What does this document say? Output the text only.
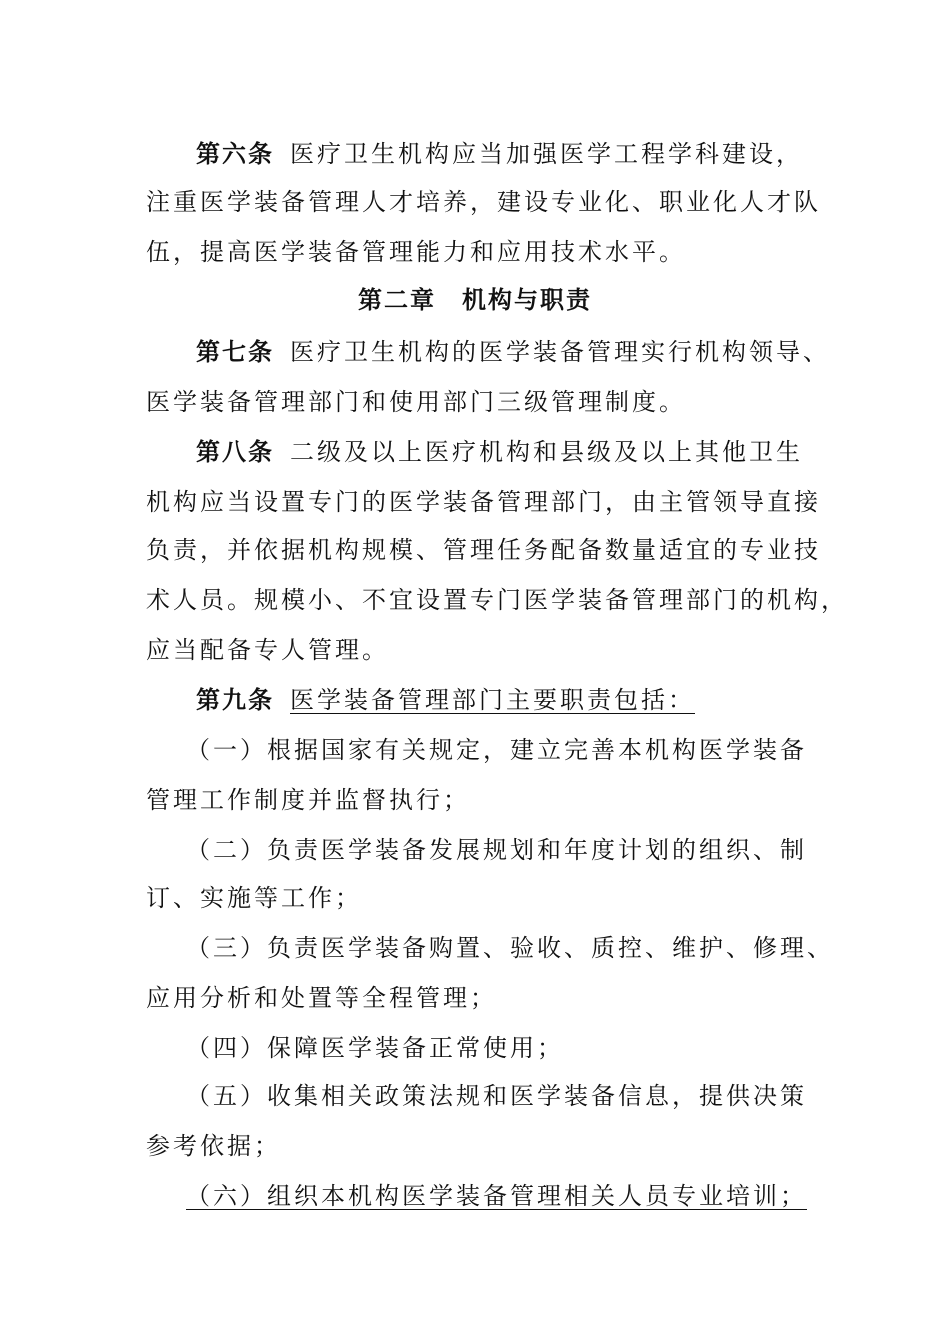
第六条 医疗卫生机构应当加强医学工程学科建设，
注重医学装备管理人才培养，建设专业化、职业化人才队
伍，提高医学装备管理能力和应用技术水平。
第二章　机构与职责
第七条 医疗卫生机构的医学装备管理实行机构领导、
医学装备管理部门和使用部门三级管理制度。
第八条 二级及以上医疗机构和县级及以上其他卫生
机构应当设置专门的医学装备管理部门，由主管领导直接
负责，并依据机构规模、管理任务配备数量适宜的专业技
术人员。规模小、不宜设置专门医学装备管理部门的机构，
应当配备专人管理。
第九条 医学装备管理部门主要职责包括：
（一）根据国家有关规定，建立完善本机构医学装备
管理工作制度并监督执行；
（二）负责医学装备发展规划和年度计划的组织、制
订、实施等工作；
（三）负责医学装备购置、验收、质控、维护、修理、
应用分析和处置等全程管理；
（四）保障医学装备正常使用；
（五）收集相关政策法规和医学装备信息，提供决策
参考依据；
（六）组织本机构医学装备管理相关人员专业培训；
